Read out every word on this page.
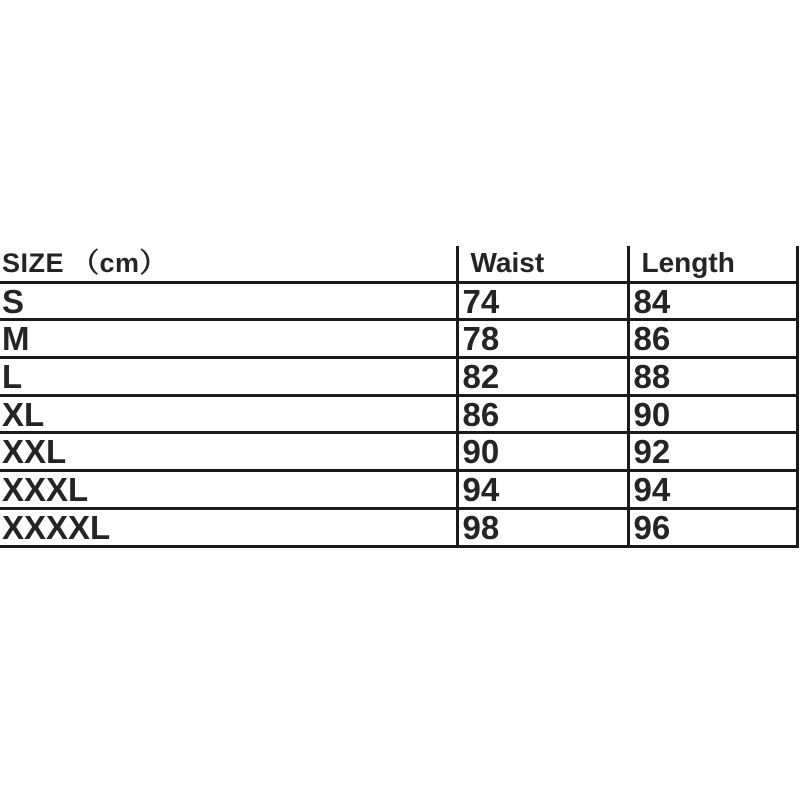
SIZE （cm）	Waist	Length
S	74	84
M	78	86
L	82	88
XL	86	90
XXL	90	92
XXXL	94	94
XXXXL	98	96
